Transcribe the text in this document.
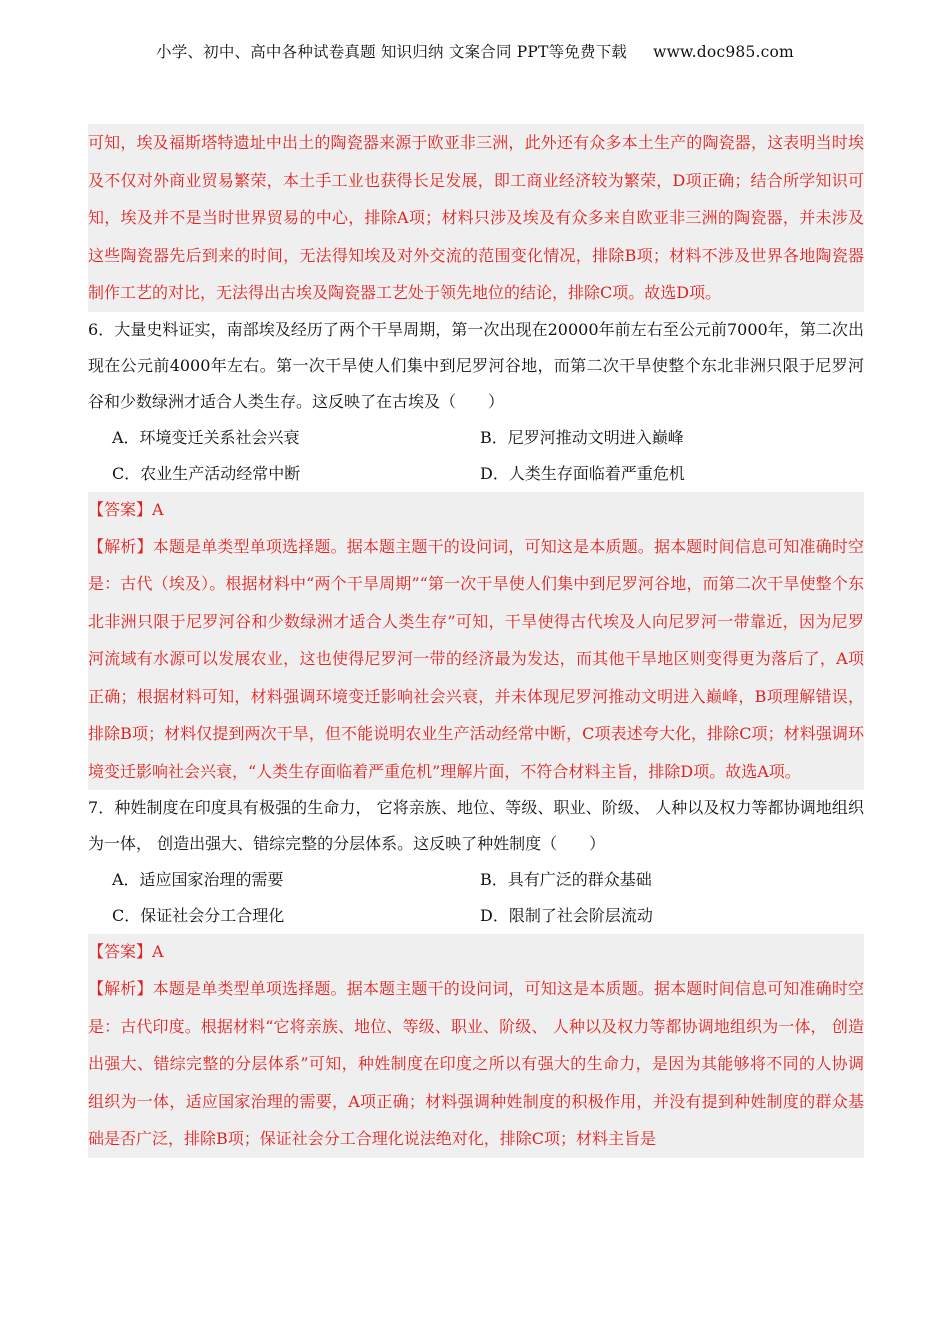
小学、初中、高中各种试卷真题 知识归纳 文案合同 PPT等免费下载 www.doc985.com

可知，埃及福斯塔特遗址中出土的陶瓷器来源于欧亚非三洲，此外还有众多本土生产的陶瓷器，这表明当时埃及不仅对外商业贸易繁荣，本土手工业也获得长足发展，即工商业经济较为繁荣，D项正确；结合所学知识可知，埃及并不是当时世界贸易的中心，排除A项；材料只涉及埃及有众多来自欧亚非三洲的陶瓷器，并未涉及这些陶瓷器先后到来的时间，无法得知埃及对外交流的范围变化情况，排除B项；材料不涉及世界各地陶瓷器制作工艺的对比，无法得出古埃及陶瓷器工艺处于领先地位的结论，排除C项。故选D项。

6．大量史料证实，南部埃及经历了两个干旱周期，第一次出现在20000年前左右至公元前7000年，第二次出现在公元前4000年左右。第一次干旱使人们集中到尼罗河谷地，而第二次干旱使整个东北非洲只限于尼罗河谷和少数绿洲才适合人类生存。这反映了在古埃及（　　）

A．环境变迁关系社会兴衰	B．尼罗河推动文明进入巅峰
C．农业生产活动经常中断	D．人类生存面临着严重危机

【答案】A

【解析】本题是单类型单项选择题。据本题主题干的设问词，可知这是本质题。据本题时间信息可知准确时空是：古代（埃及）。根据材料中“两个干旱周期”“第一次干旱使人们集中到尼罗河谷地，而第二次干旱使整个东北非洲只限于尼罗河谷和少数绿洲才适合人类生存”可知，干旱使得古代埃及人向尼罗河一带靠近，因为尼罗河流域有水源可以发展农业，这也使得尼罗河一带的经济最为发达，而其他干旱地区则变得更为落后了，A项正确；根据材料可知，材料强调环境变迁影响社会兴衰，并未体现尼罗河推动文明进入巅峰，B项理解错误，排除B项；材料仅提到两次干旱，但不能说明农业生产活动经常中断，C项表述夸大化，排除C项；材料强调环境变迁影响社会兴衰，“人类生存面临着严重危机”理解片面，不符合材料主旨，排除D项。故选A项。

7．种姓制度在印度具有极强的生命力， 它将亲族、地位、等级、职业、阶级、 人种以及权力等都协调地组织为一体， 创造出强大、错综完整的分层体系。这反映了种姓制度（　　）

A．适应国家治理的需要	B．具有广泛的群众基础
C．保证社会分工合理化	D．限制了社会阶层流动

【答案】A

【解析】本题是单类型单项选择题。据本题主题干的设问词，可知这是本质题。据本题时间信息可知准确时空是：古代印度。根据材料“它将亲族、地位、等级、职业、阶级、 人种以及权力等都协调地组织为一体， 创造出强大、错综完整的分层体系”可知，种姓制度在印度之所以有强大的生命力，是因为其能够将不同的人协调组织为一体，适应国家治理的需要，A项正确；材料强调种姓制度的积极作用，并没有提到种姓制度的群众基础是否广泛，排除B项；保证社会分工合理化说法绝对化，排除C项；材料主旨是
